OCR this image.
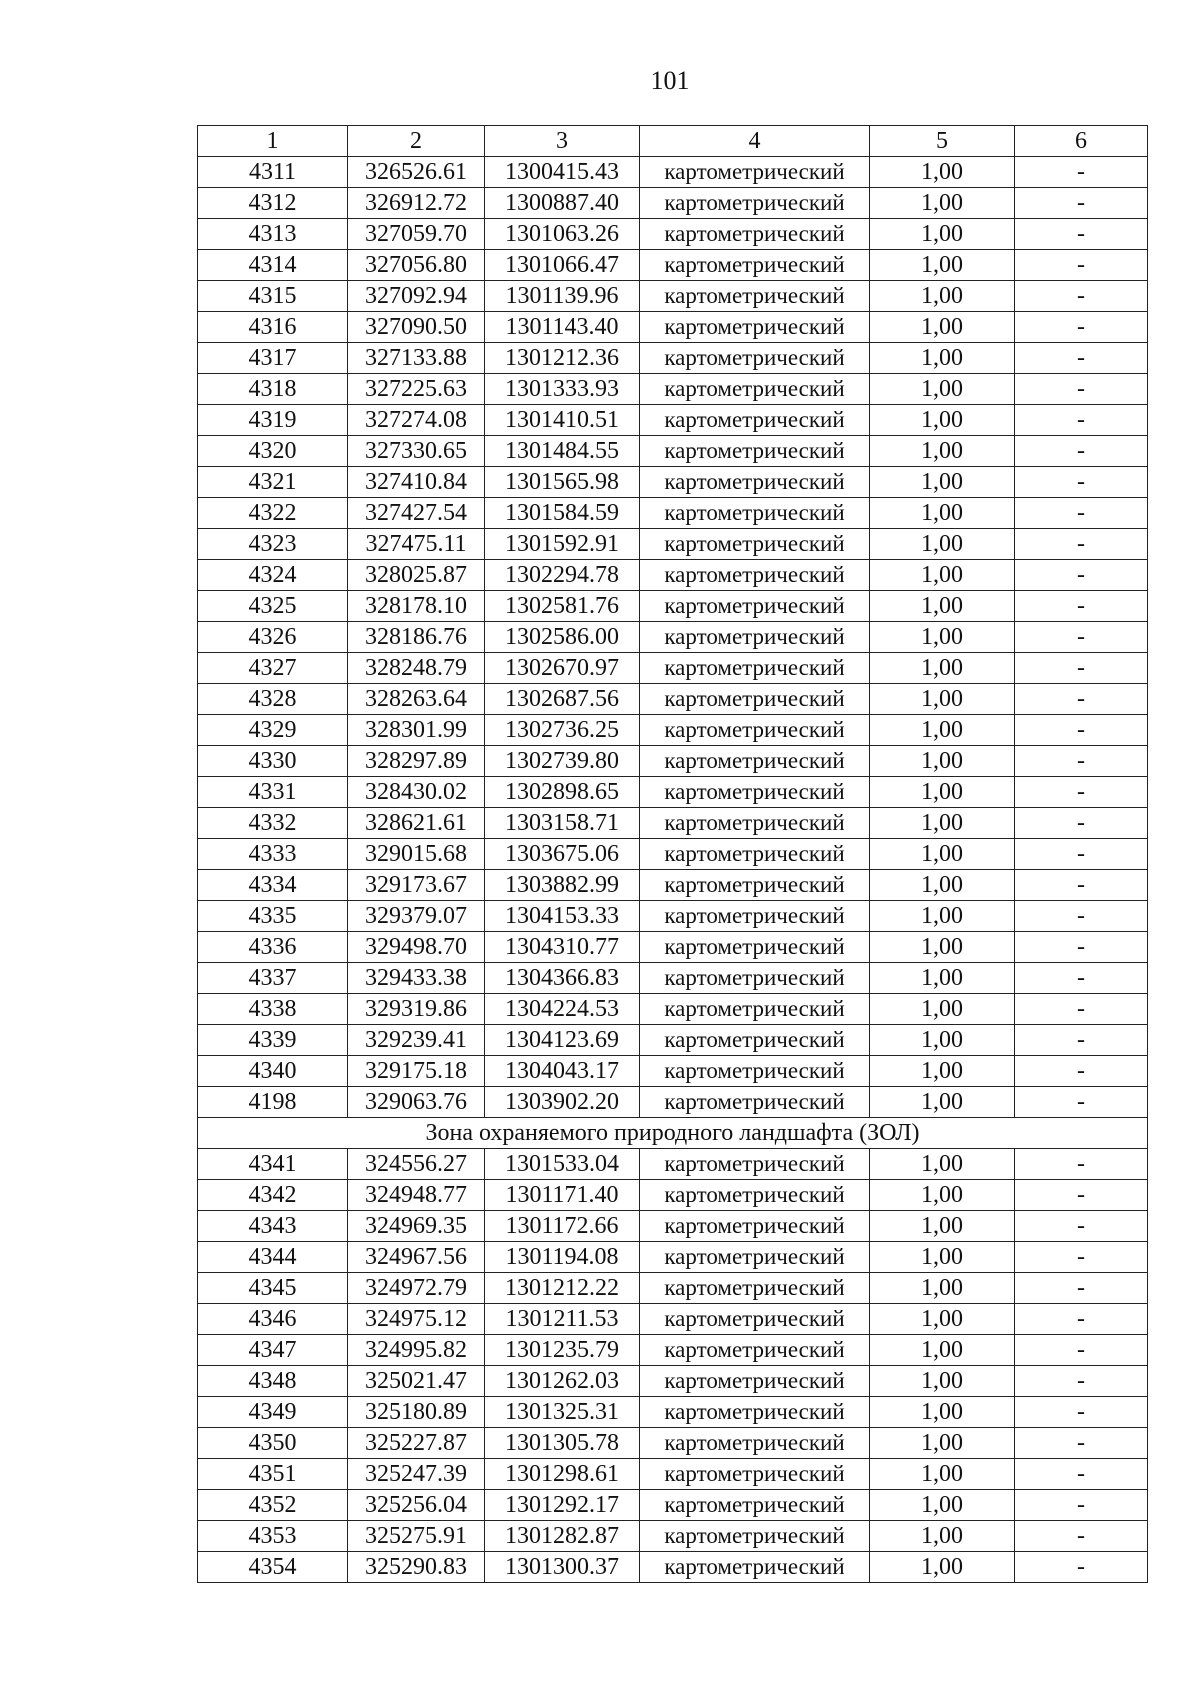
101
1	2	3	4	5	6
4311	326526.61	1300415.43	картометрический	1,00	-
4312	326912.72	1300887.40	картометрический	1,00	-
4313	327059.70	1301063.26	картометрический	1,00	-
4314	327056.80	1301066.47	картометрический	1,00	-
4315	327092.94	1301139.96	картометрический	1,00	-
4316	327090.50	1301143.40	картометрический	1,00	-
4317	327133.88	1301212.36	картометрический	1,00	-
4318	327225.63	1301333.93	картометрический	1,00	-
4319	327274.08	1301410.51	картометрический	1,00	-
4320	327330.65	1301484.55	картометрический	1,00	-
4321	327410.84	1301565.98	картометрический	1,00	-
4322	327427.54	1301584.59	картометрический	1,00	-
4323	327475.11	1301592.91	картометрический	1,00	-
4324	328025.87	1302294.78	картометрический	1,00	-
4325	328178.10	1302581.76	картометрический	1,00	-
4326	328186.76	1302586.00	картометрический	1,00	-
4327	328248.79	1302670.97	картометрический	1,00	-
4328	328263.64	1302687.56	картометрический	1,00	-
4329	328301.99	1302736.25	картометрический	1,00	-
4330	328297.89	1302739.80	картометрический	1,00	-
4331	328430.02	1302898.65	картометрический	1,00	-
4332	328621.61	1303158.71	картометрический	1,00	-
4333	329015.68	1303675.06	картометрический	1,00	-
4334	329173.67	1303882.99	картометрический	1,00	-
4335	329379.07	1304153.33	картометрический	1,00	-
4336	329498.70	1304310.77	картометрический	1,00	-
4337	329433.38	1304366.83	картометрический	1,00	-
4338	329319.86	1304224.53	картометрический	1,00	-
4339	329239.41	1304123.69	картометрический	1,00	-
4340	329175.18	1304043.17	картометрический	1,00	-
4198	329063.76	1303902.20	картометрический	1,00	-
Зона охраняемого природного ландшафта (ЗОЛ)					
4341	324556.27	1301533.04	картометрический	1,00	-
4342	324948.77	1301171.40	картометрический	1,00	-
4343	324969.35	1301172.66	картометрический	1,00	-
4344	324967.56	1301194.08	картометрический	1,00	-
4345	324972.79	1301212.22	картометрический	1,00	-
4346	324975.12	1301211.53	картометрический	1,00	-
4347	324995.82	1301235.79	картометрический	1,00	-
4348	325021.47	1301262.03	картометрический	1,00	-
4349	325180.89	1301325.31	картометрический	1,00	-
4350	325227.87	1301305.78	картометрический	1,00	-
4351	325247.39	1301298.61	картометрический	1,00	-
4352	325256.04	1301292.17	картометрический	1,00	-
4353	325275.91	1301282.87	картометрический	1,00	-
4354	325290.83	1301300.37	картометрический	1,00	-
